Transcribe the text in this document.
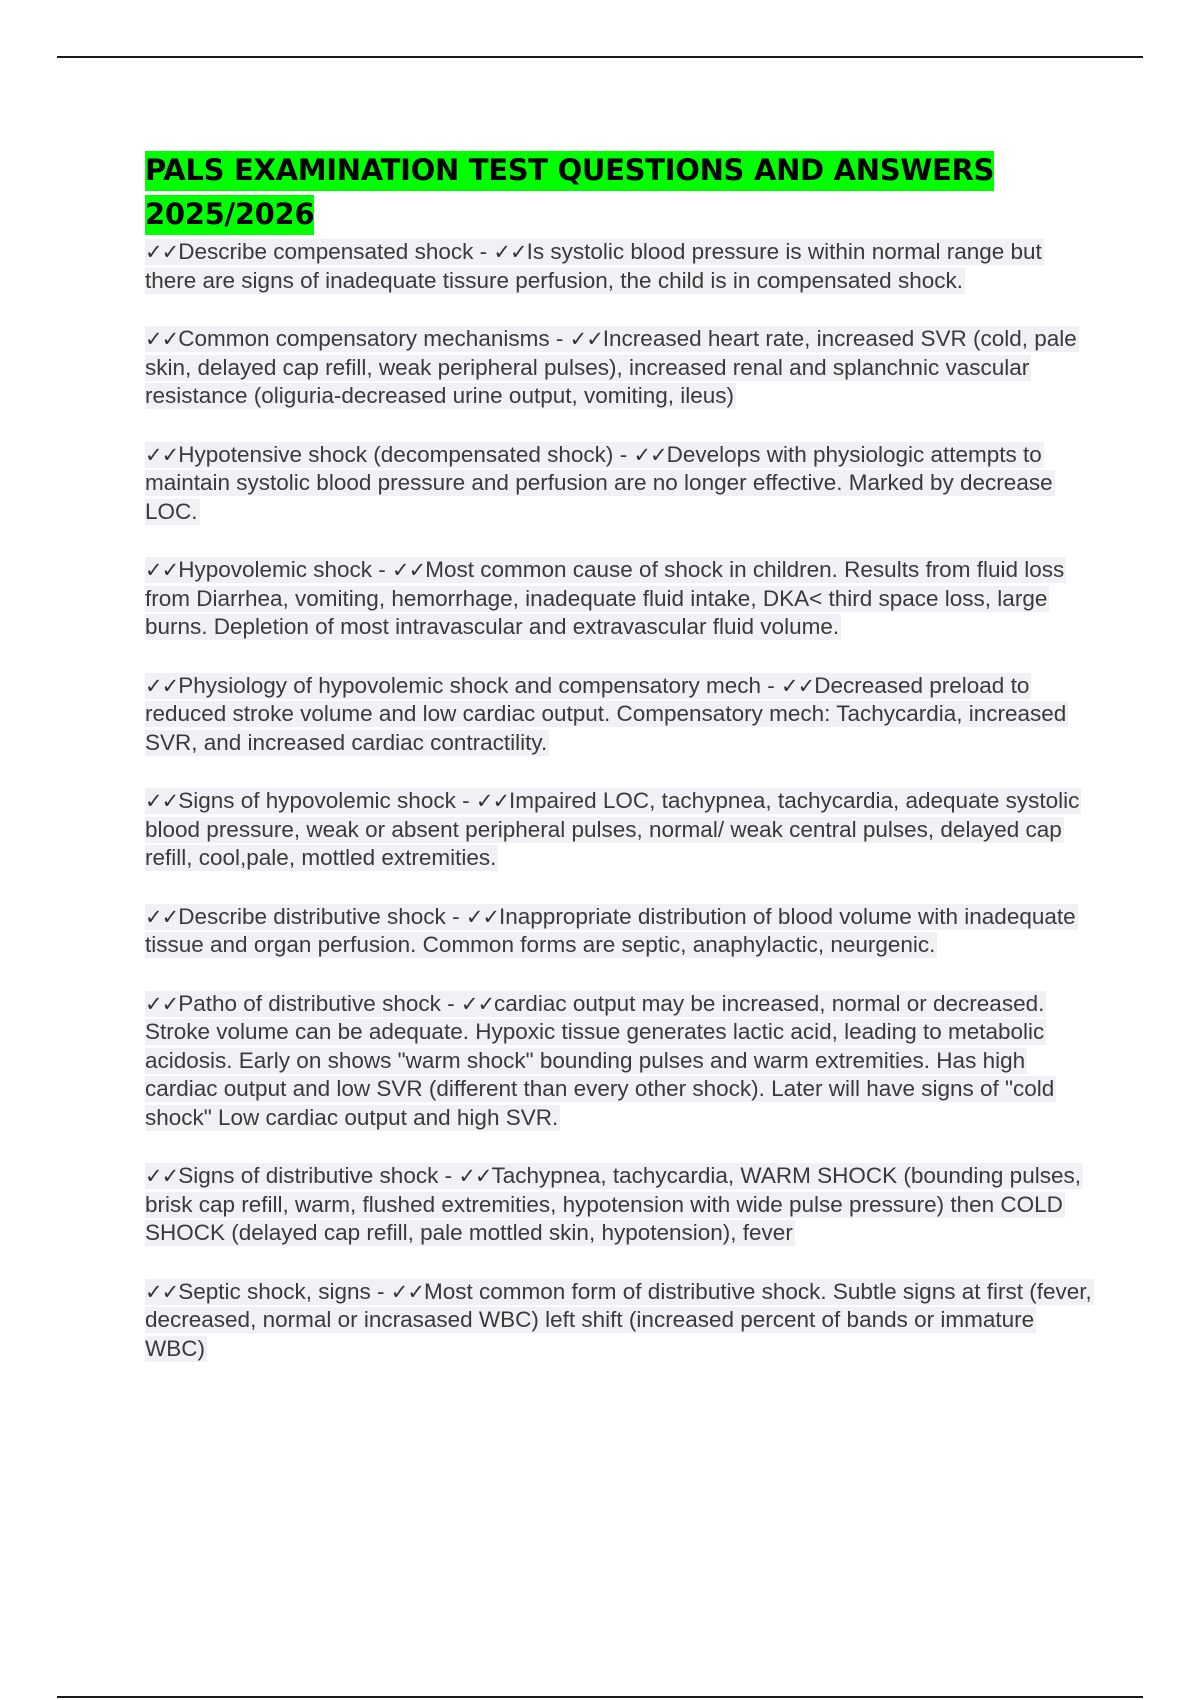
PALS EXAMINATION TEST QUESTIONS AND ANSWERS 2025/2026

✓✓Describe compensated shock - ✓✓Is systolic blood pressure is within normal range but there are signs of inadequate tissure perfusion, the child is in compensated shock.

✓✓Common compensatory mechanisms - ✓✓Increased heart rate, increased SVR (cold, pale skin, delayed cap refill, weak peripheral pulses), increased renal and splanchnic vascular resistance (oliguria-decreased urine output, vomiting, ileus)

✓✓Hypotensive shock (decompensated shock) - ✓✓Develops with physiologic attempts to maintain systolic blood pressure and perfusion are no longer effective. Marked by decrease LOC.

✓✓Hypovolemic shock - ✓✓Most common cause of shock in children. Results from fluid loss from Diarrhea, vomiting, hemorrhage, inadequate fluid intake, DKA< third space loss, large burns. Depletion of most intravascular and extravascular fluid volume.

✓✓Physiology of hypovolemic shock and compensatory mech - ✓✓Decreased preload to reduced stroke volume and low cardiac output. Compensatory mech: Tachycardia, increased SVR, and increased cardiac contractility.

✓✓Signs of hypovolemic shock - ✓✓Impaired LOC, tachypnea, tachycardia, adequate systolic blood pressure, weak or absent peripheral pulses, normal/ weak central pulses, delayed cap refill, cool,pale, mottled extremities.

✓✓Describe distributive shock - ✓✓Inappropriate distribution of blood volume with inadequate tissue and organ perfusion. Common forms are septic, anaphylactic, neurgenic.

✓✓Patho of distributive shock - ✓✓cardiac output may be increased, normal or decreased. Stroke volume can be adequate. Hypoxic tissue generates lactic acid, leading to metabolic acidosis. Early on shows "warm shock" bounding pulses and warm extremities. Has high cardiac output and low SVR (different than every other shock). Later will have signs of "cold shock" Low cardiac output and high SVR.

✓✓Signs of distributive shock - ✓✓Tachypnea, tachycardia, WARM SHOCK (bounding pulses, brisk cap refill, warm, flushed extremities, hypotension with wide pulse pressure) then COLD SHOCK (delayed cap refill, pale mottled skin, hypotension), fever

✓✓Septic shock, signs - ✓✓Most common form of distributive shock. Subtle signs at first (fever, decreased, normal or incrasased WBC) left shift (increased percent of bands or immature WBC)
